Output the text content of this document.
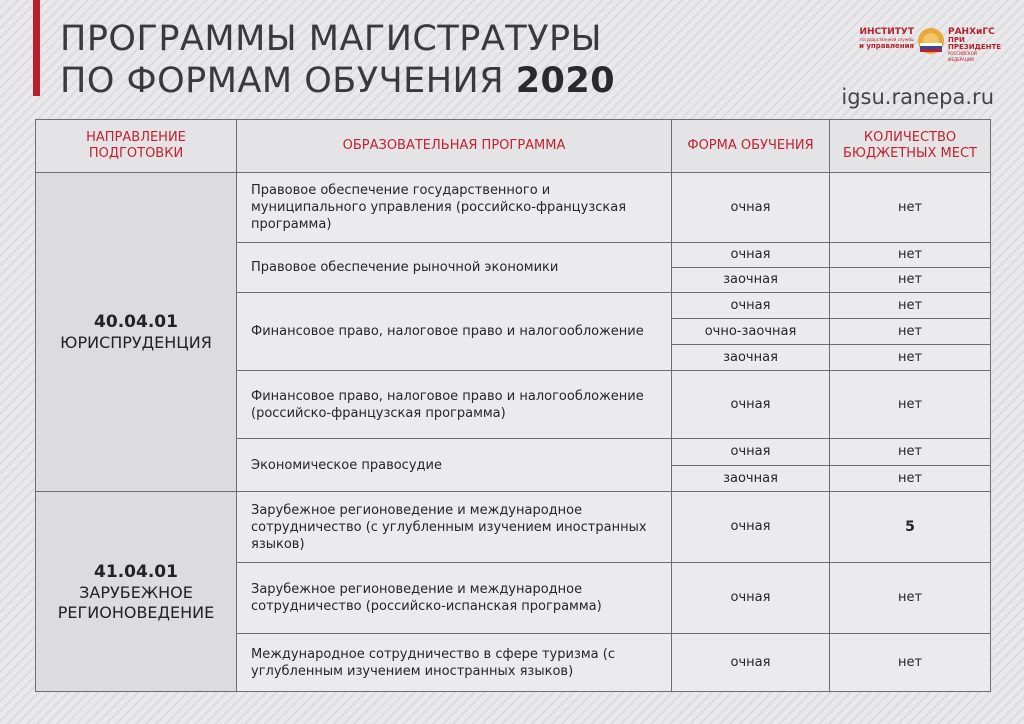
ПРОГРАММЫ МАГИСТРАТУРЫ
ПО ФОРМАМ ОБУЧЕНИЯ 2020
ИНСТИТУТ
государственной службы
и управления
РАНХиГС
ПРИ ПРЕЗИДЕНТЕ
РОССИЙСКОЙ ФЕДЕРАЦИИ
igsu.ranepa.ru
НАПРАВЛЕНИЕ ПОДГОТОВКИ	ОБРАЗОВАТЕЛЬНАЯ ПРОГРАММА	ФОРМА ОБУЧЕНИЯ	КОЛИЧЕСТВО БЮДЖЕТНЫХ МЕСТ

40.04.01
ЮРИСПРУДЕНЦИЯ	Правовое обеспечение государственного и муниципального управления (российско-французская программа)	очная	нет
	Правовое обеспечение рыночной экономики	очная	нет
		заочная	нет
	Финансовое право, налоговое право и налогообложение	очная	нет
		очно-заочная	нет
		заочная	нет
	Финансовое право, налоговое право и налогообложение (российско-французская программа)	очная	нет
	Экономическое правосудие	очная	нет
		заочная	нет

41.04.01
ЗАРУБЕЖНОЕ РЕГИОНОВЕДЕНИЕ	Зарубежное регионоведение и международное сотрудничество (с углубленным изучением иностранных языков)	очная	5
	Зарубежное регионоведение и международное сотрудничество (российско-испанская программа)	очная	нет
	Международное сотрудничество в сфере туризма (с углубленным изучением иностранных языков)	очная	нет
